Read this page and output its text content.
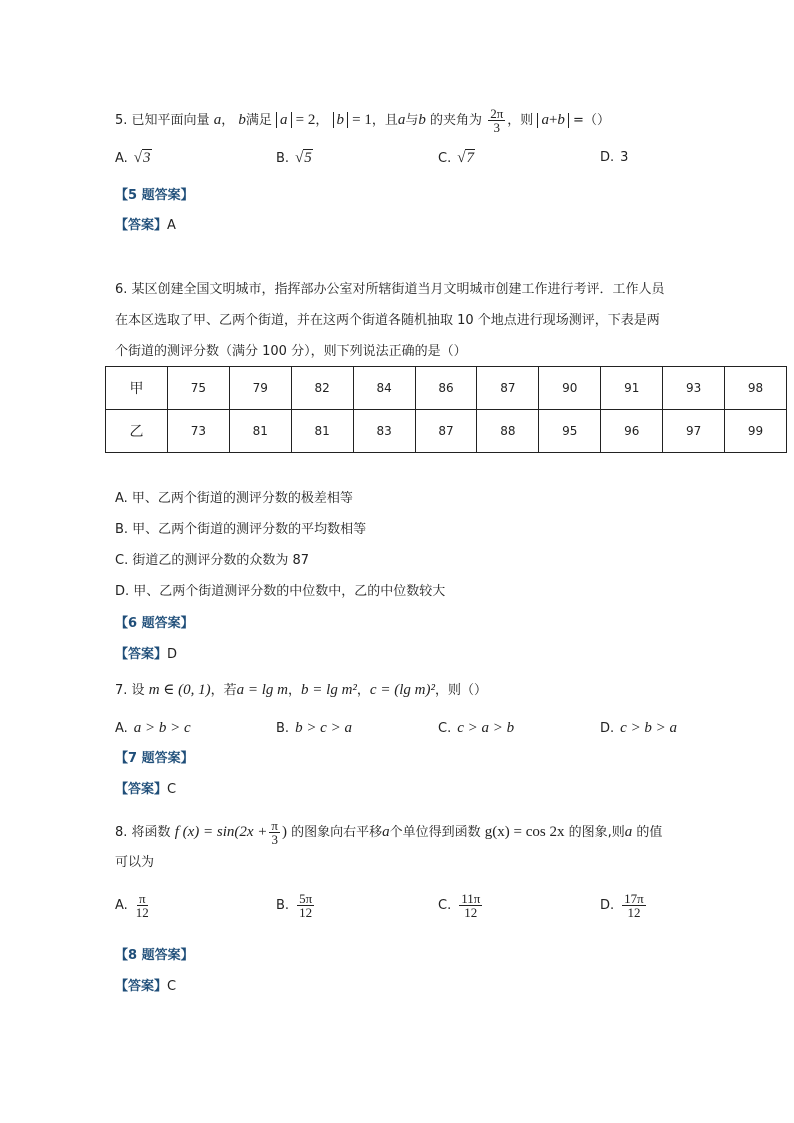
5. 已知平面向量 a， b满足 a = 2， b = 1，且a与b 的夹角为 $\frac{2\pi}{3}$ ，则 a+b =（）
A. √3	B. √5	C. √7	D. 3
【5 题答案】
【答案】A
6. 某区创建全国文明城市，指挥部办公室对所辖街道当月文明城市创建工作进行考评．工作人员
在本区选取了甲、乙两个街道，并在这两个街道各随机抽取 10 个地点进行现场测评，下表是两
个街道的测评分数（满分 100 分），则下列说法正确的是（）
甲	75	79	82	84	86	87	90	91	93	98
乙	73	81	81	83	87	88	95	96	97	99
A. 甲、乙两个街道的测评分数的极差相等
B. 甲、乙两个街道的测评分数的平均数相等
C. 街道乙的测评分数的众数为 87
D. 甲、乙两个街道测评分数的中位数中，乙的中位数较大
【6 题答案】
【答案】D
7. 设 m ∈ (0, 1)，若a = lg m，b = lg m²，c = (lg m)²，则（）
A. a > b > c	B. b > c > a	C. c > a > b	D. c > b > a
【7 题答案】
【答案】C
8. 将函数 f $(x) = \sin(2x + \frac{\pi}{3}$ ) 的图象向右平移a个单位得到函数 g(x) = cos 2x 的图象,则a 的值
可以为
A. $\frac{\pi}{12}$	B. $\frac{5\pi}{12}$	C. $\frac{11\pi}{12}$	D. $\frac{17\pi}{12}$
【8 题答案】
【答案】C
